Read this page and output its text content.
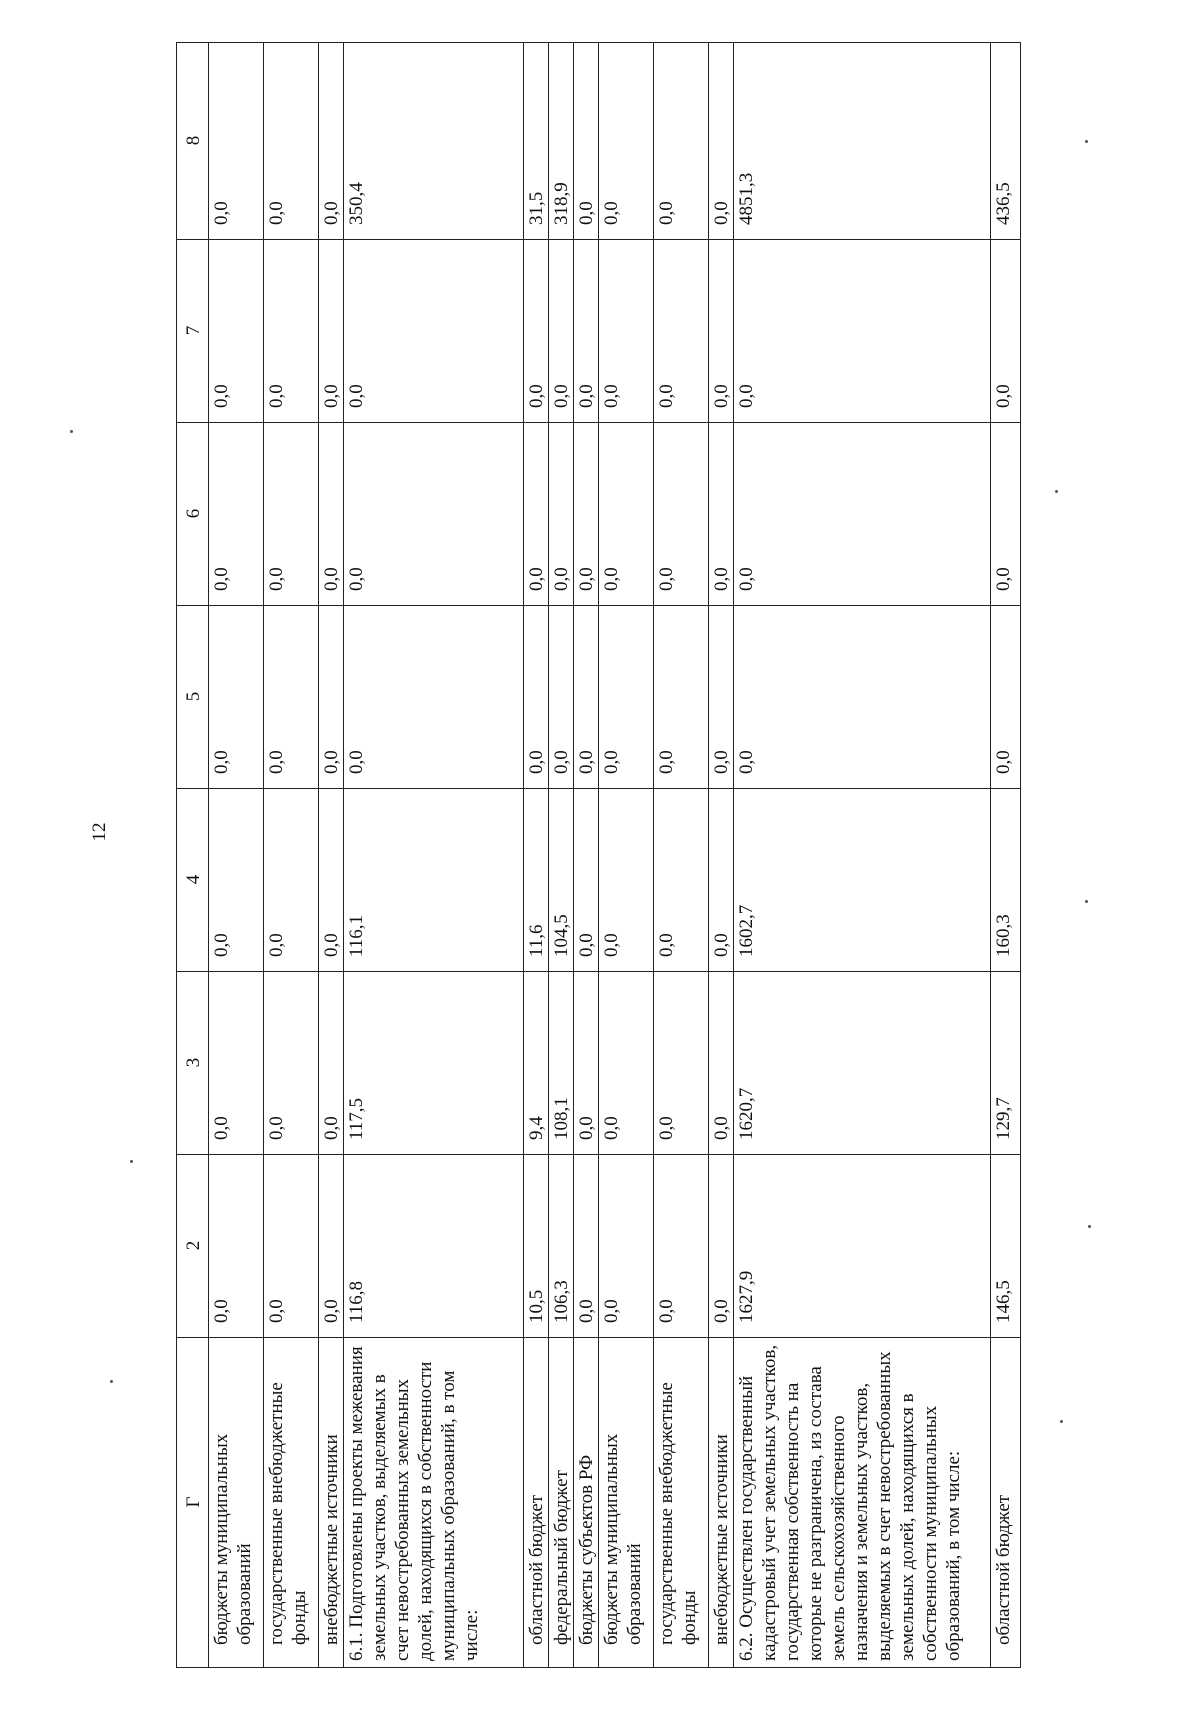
12
Г	2	3	4	5	6	7	8
бюджеты муниципальных образований	0,0	0,0	0,0	0,0	0,0	0,0	0,0
государственные внебюджетные фонды	0,0	0,0	0,0	0,0	0,0	0,0	0,0
внебюджетные источники	0,0	0,0	0,0	0,0	0,0	0,0	0,0
6.1. Подготовлены проекты межевания земельных участков, выделяемых в счет невостребованных земельных долей, находящихся в собственности муниципальных образований, в том числе:	116,8	117,5	116,1	0,0	0,0	0,0	350,4
областной бюджет	10,5	9,4	11,6	0,0	0,0	0,0	31,5
федеральный бюджет	106,3	108,1	104,5	0,0	0,0	0,0	318,9
бюджеты субъектов РФ	0,0	0,0	0,0	0,0	0,0	0,0	0,0
бюджеты муниципальных образований	0,0	0,0	0,0	0,0	0,0	0,0	0,0
государственные внебюджетные фонды	0,0	0,0	0,0	0,0	0,0	0,0	0,0
внебюджетные источники	0,0	0,0	0,0	0,0	0,0	0,0	0,0
6.2. Осуществлен государственный кадастровый учет земельных участков, государственная собственность на которые не разграничена, из состава земель сельскохозяйственного назначения и земельных участков, выделяемых в счет невостребованных земельных долей, находящихся в собственности муниципальных образований, в том числе:	1627,9	1620,7	1602,7	0,0	0,0	0,0	4851,3
областной бюджет	146,5	129,7	160,3	0,0	0,0	0,0	436,5
